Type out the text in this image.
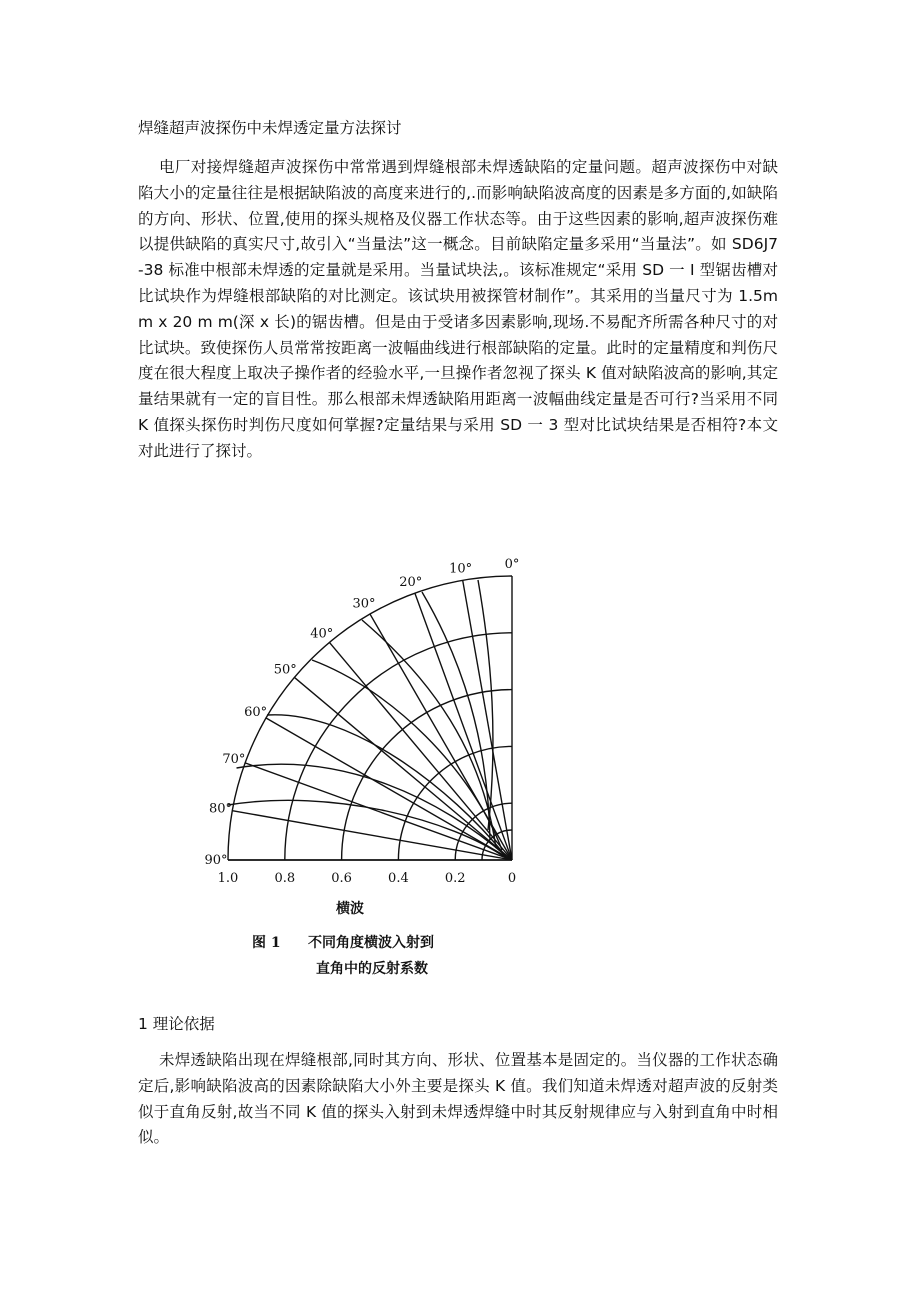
焊缝超声波探伤中未焊透定量方法探讨

电厂对接焊缝超声波探伤中常常遇到焊缝根部未焊透缺陷的定量问题。超声波探伤中对缺陷大小的定量往往是根据缺陷波的高度来进行的,.而影响缺陷波高度的因素是多方面的,如缺陷的方向、形状、位置,使用的探头规格及仪器工作状态等。由于这些因素的影响,超声波探伤难以提供缺陷的真实尺寸,故引入“当量法”这一概念。目前缺陷定量多采用“当量法”。如 SD6J7 -38 标准中根部未焊透的定量就是采用。当量试块法,。该标准规定“采用 SD 一 I 型锯齿槽对比试块作为焊缝根部缺陷的对比测定。该试块用被探管材制作”。其采用的当量尺寸为 1.5m m x 20 m m(深 x 长)的锯齿槽。但是由于受诸多因素影响,现场.不易配齐所需各种尺寸的对比试块。致使探伤人员常常按距离一波幅曲线进行根部缺陷的定量。此时的定量精度和判伤尺度在很大程度上取决子操作者的经验水平,一旦操作者忽视了探头 K 值对缺陷波高的影响,其定量结果就有一定的盲目性。那么根部未焊透缺陷用距离一波幅曲线定量是否可行?当采用不同 K 值探头探伤时判伤尺度如何掌握?定量结果与采用 SD 一 3 型对比试块结果是否相符?本文对此进行了探讨。

0°
10°
20°
30°
40°
50°
60°
70°
80°
90°
1.0	0.8	0.6	0.4	0.2	0
横波
图 1 不同角度横波入射到
直角中的反射系数
1 理论依据

未焊透缺陷出现在焊缝根部,同时其方向、形状、位置基本是固定的。当仪器的工作状态确定后,影响缺陷波高的因素除缺陷大小外主要是探头 K 值。我们知道未焊透对超声波的反射类似于直角反射,故当不同 K 值的探头入射到未焊透焊缝中时其反射规律应与入射到直角中时相似。
